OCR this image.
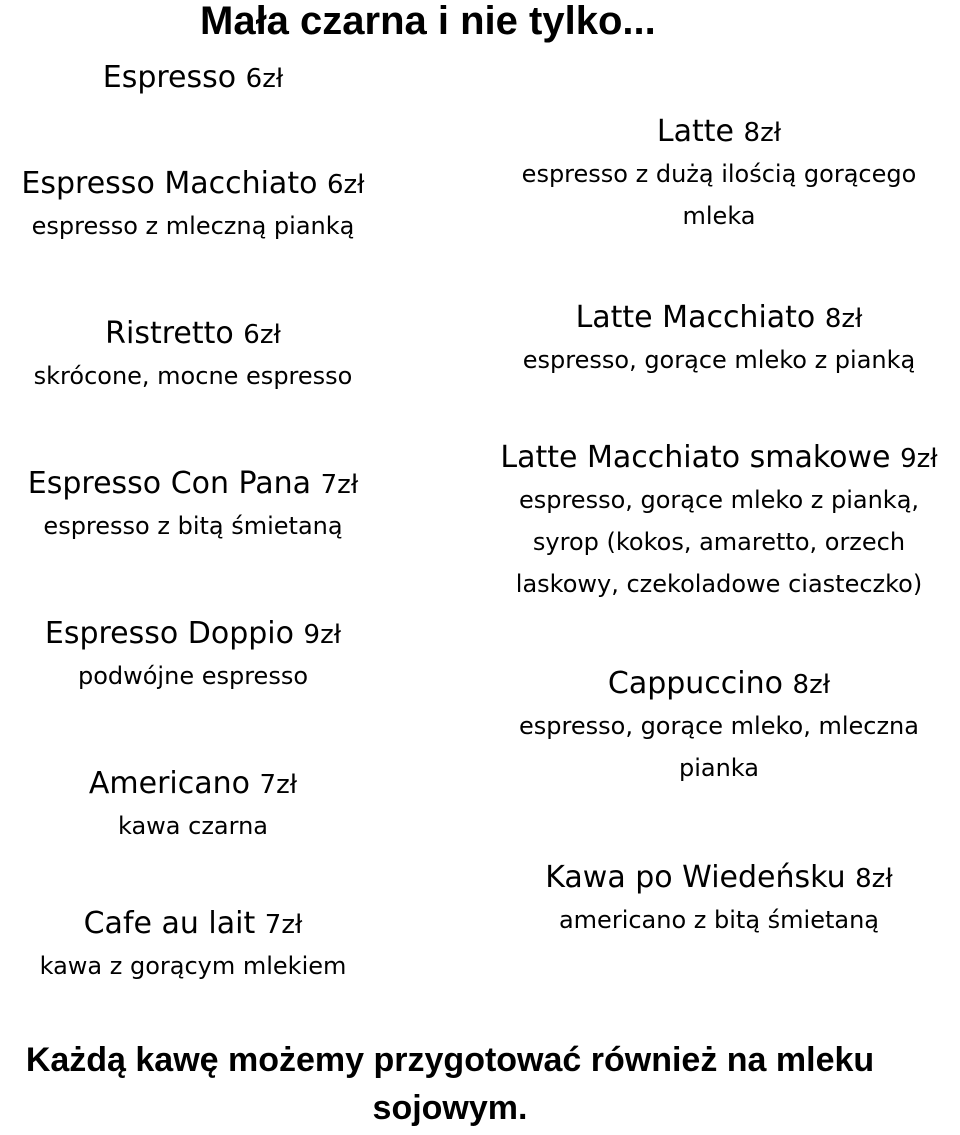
Mała czarna i nie tylko...
Espresso 6zł
Espresso Macchiato 6zł
espresso z mleczną pianką
Ristretto 6zł
skrócone, mocne espresso
Espresso Con Pana 7zł
espresso z bitą śmietaną
Espresso Doppio 9zł
podwójne espresso
Americano 7zł
kawa czarna
Cafe au lait 7zł
kawa z gorącym mlekiem
Latte 8zł
espresso z dużą ilością gorącego
mleka
Latte Macchiato 8zł
espresso, gorące mleko z pianką
Latte Macchiato smakowe 9zł
espresso, gorące mleko z pianką,
syrop (kokos, amaretto, orzech
laskowy, czekoladowe ciasteczko)
Cappuccino 8zł
espresso, gorące mleko, mleczna
pianka
Kawa po Wiedeńsku 8zł
americano z bitą śmietaną
Każdą kawę możemy przygotować również na mleku
sojowym.
